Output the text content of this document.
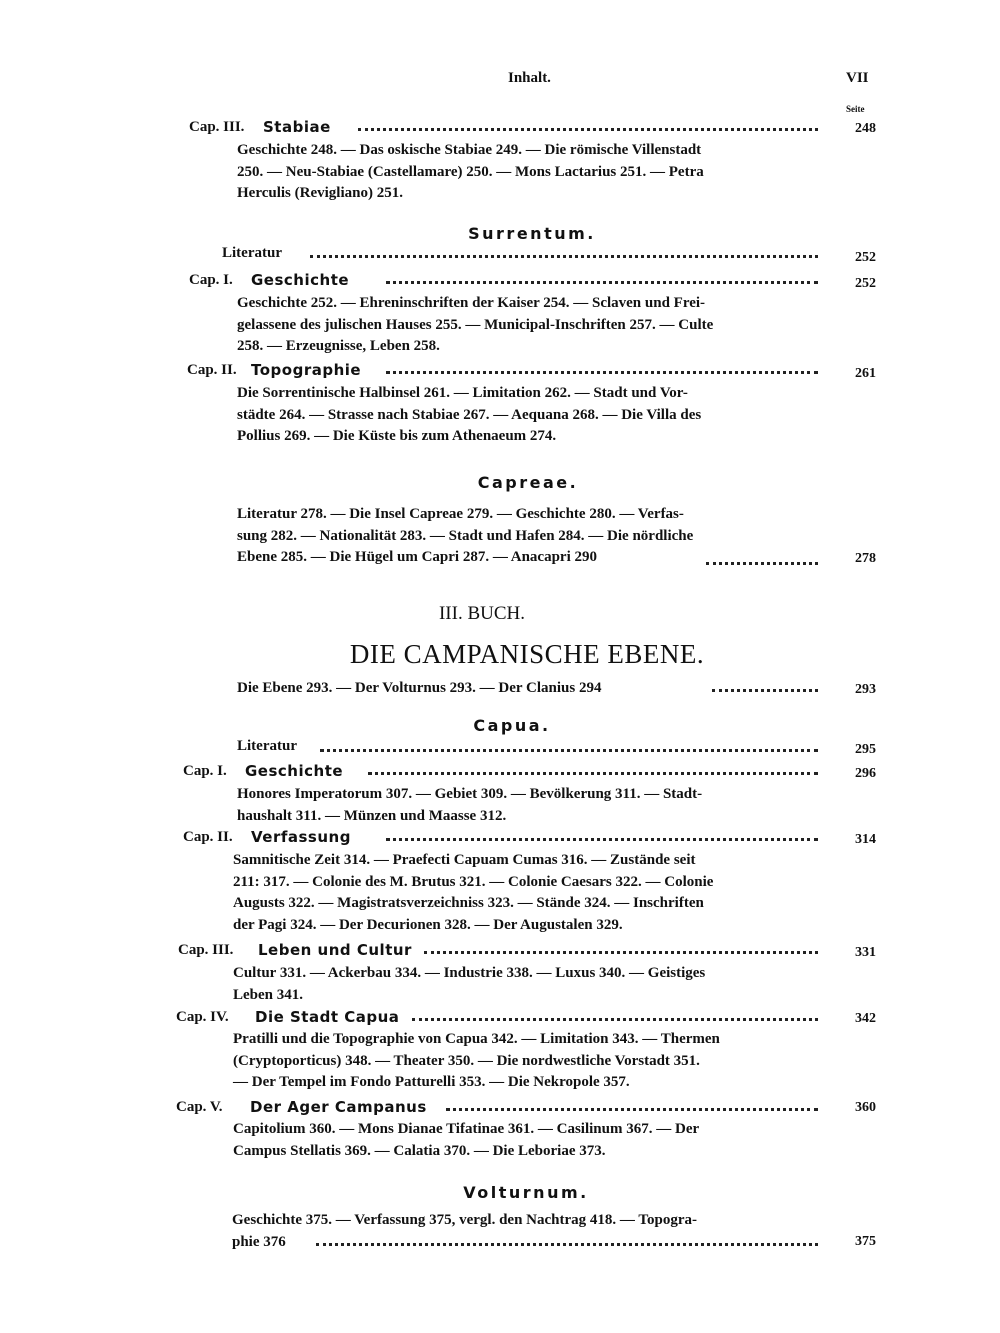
Inhalt.	VII
Seite
Cap. III. Stabiae	248
Geschichte 248. — Das oskische Stabiae 249. — Die römische Villenstadt
250. — Neu-Stabiae (Castellamare) 250. — Mons Lactarius 251. — Petra
Herculis (Revigliano) 251.
Surrentum.
Literatur	252
Cap. I. Geschichte	252
Geschichte 252. — Ehreninschriften der Kaiser 254. — Sclaven und Frei-
gelassene des julischen Hauses 255. — Municipal-Inschriften 257. — Culte
258. — Erzeugnisse, Leben 258.
Cap. II. Topographie	261
Die Sorrentinische Halbinsel 261. — Limitation 262. — Stadt und Vor-
städte 264. — Strasse nach Stabiae 267. — Aequana 268. — Die Villa des
Pollius 269. — Die Küste bis zum Athenaeum 274.
Capreae.
Literatur 278. — Die Insel Capreae 279. — Geschichte 280. — Verfas-
sung 282. — Nationalität 283. — Stadt und Hafen 284. — Die nördliche
Ebene 285. — Die Hügel um Capri 287. — Anacapri 290	278
III. BUCH.
DIE CAMPANISCHE EBENE.
Die Ebene 293. — Der Volturnus 293. — Der Clanius 294	293
Capua.
Literatur	295
Cap. I. Geschichte	296
Honores Imperatorum 307. — Gebiet 309. — Bevölkerung 311. — Stadt-
haushalt 311. — Münzen und Maasse 312.
Cap. II. Verfassung	314
Samnitische Zeit 314. — Praefecti Capuam Cumas 316. — Zustände seit
211: 317. — Colonie des M. Brutus 321. — Colonie Caesars 322. — Colonie
Augusts 322. — Magistratsverzeichniss 323. — Stände 324. — Inschriften
der Pagi 324. — Der Decurionen 328. — Der Augustalen 329.
Cap. III. Leben und Cultur	331
Cultur 331. — Ackerbau 334. — Industrie 338. — Luxus 340. — Geistiges
Leben 341.
Cap. IV. Die Stadt Capua	342
Pratilli und die Topographie von Capua 342. — Limitation 343. — Thermen
(Cryptoporticus) 348. — Theater 350. — Die nordwestliche Vorstadt 351.
— Der Tempel im Fondo Patturelli 353. — Die Nekropole 357.
Cap. V. Der Ager Campanus	360
Capitolium 360. — Mons Dianae Tifatinae 361. — Casilinum 367. — Der
Campus Stellatis 369. — Calatia 370. — Die Leboriae 373.
Volturnum.
Geschichte 375. — Verfassung 375, vergl. den Nachtrag 418. — Topogra-
phie 376	375
